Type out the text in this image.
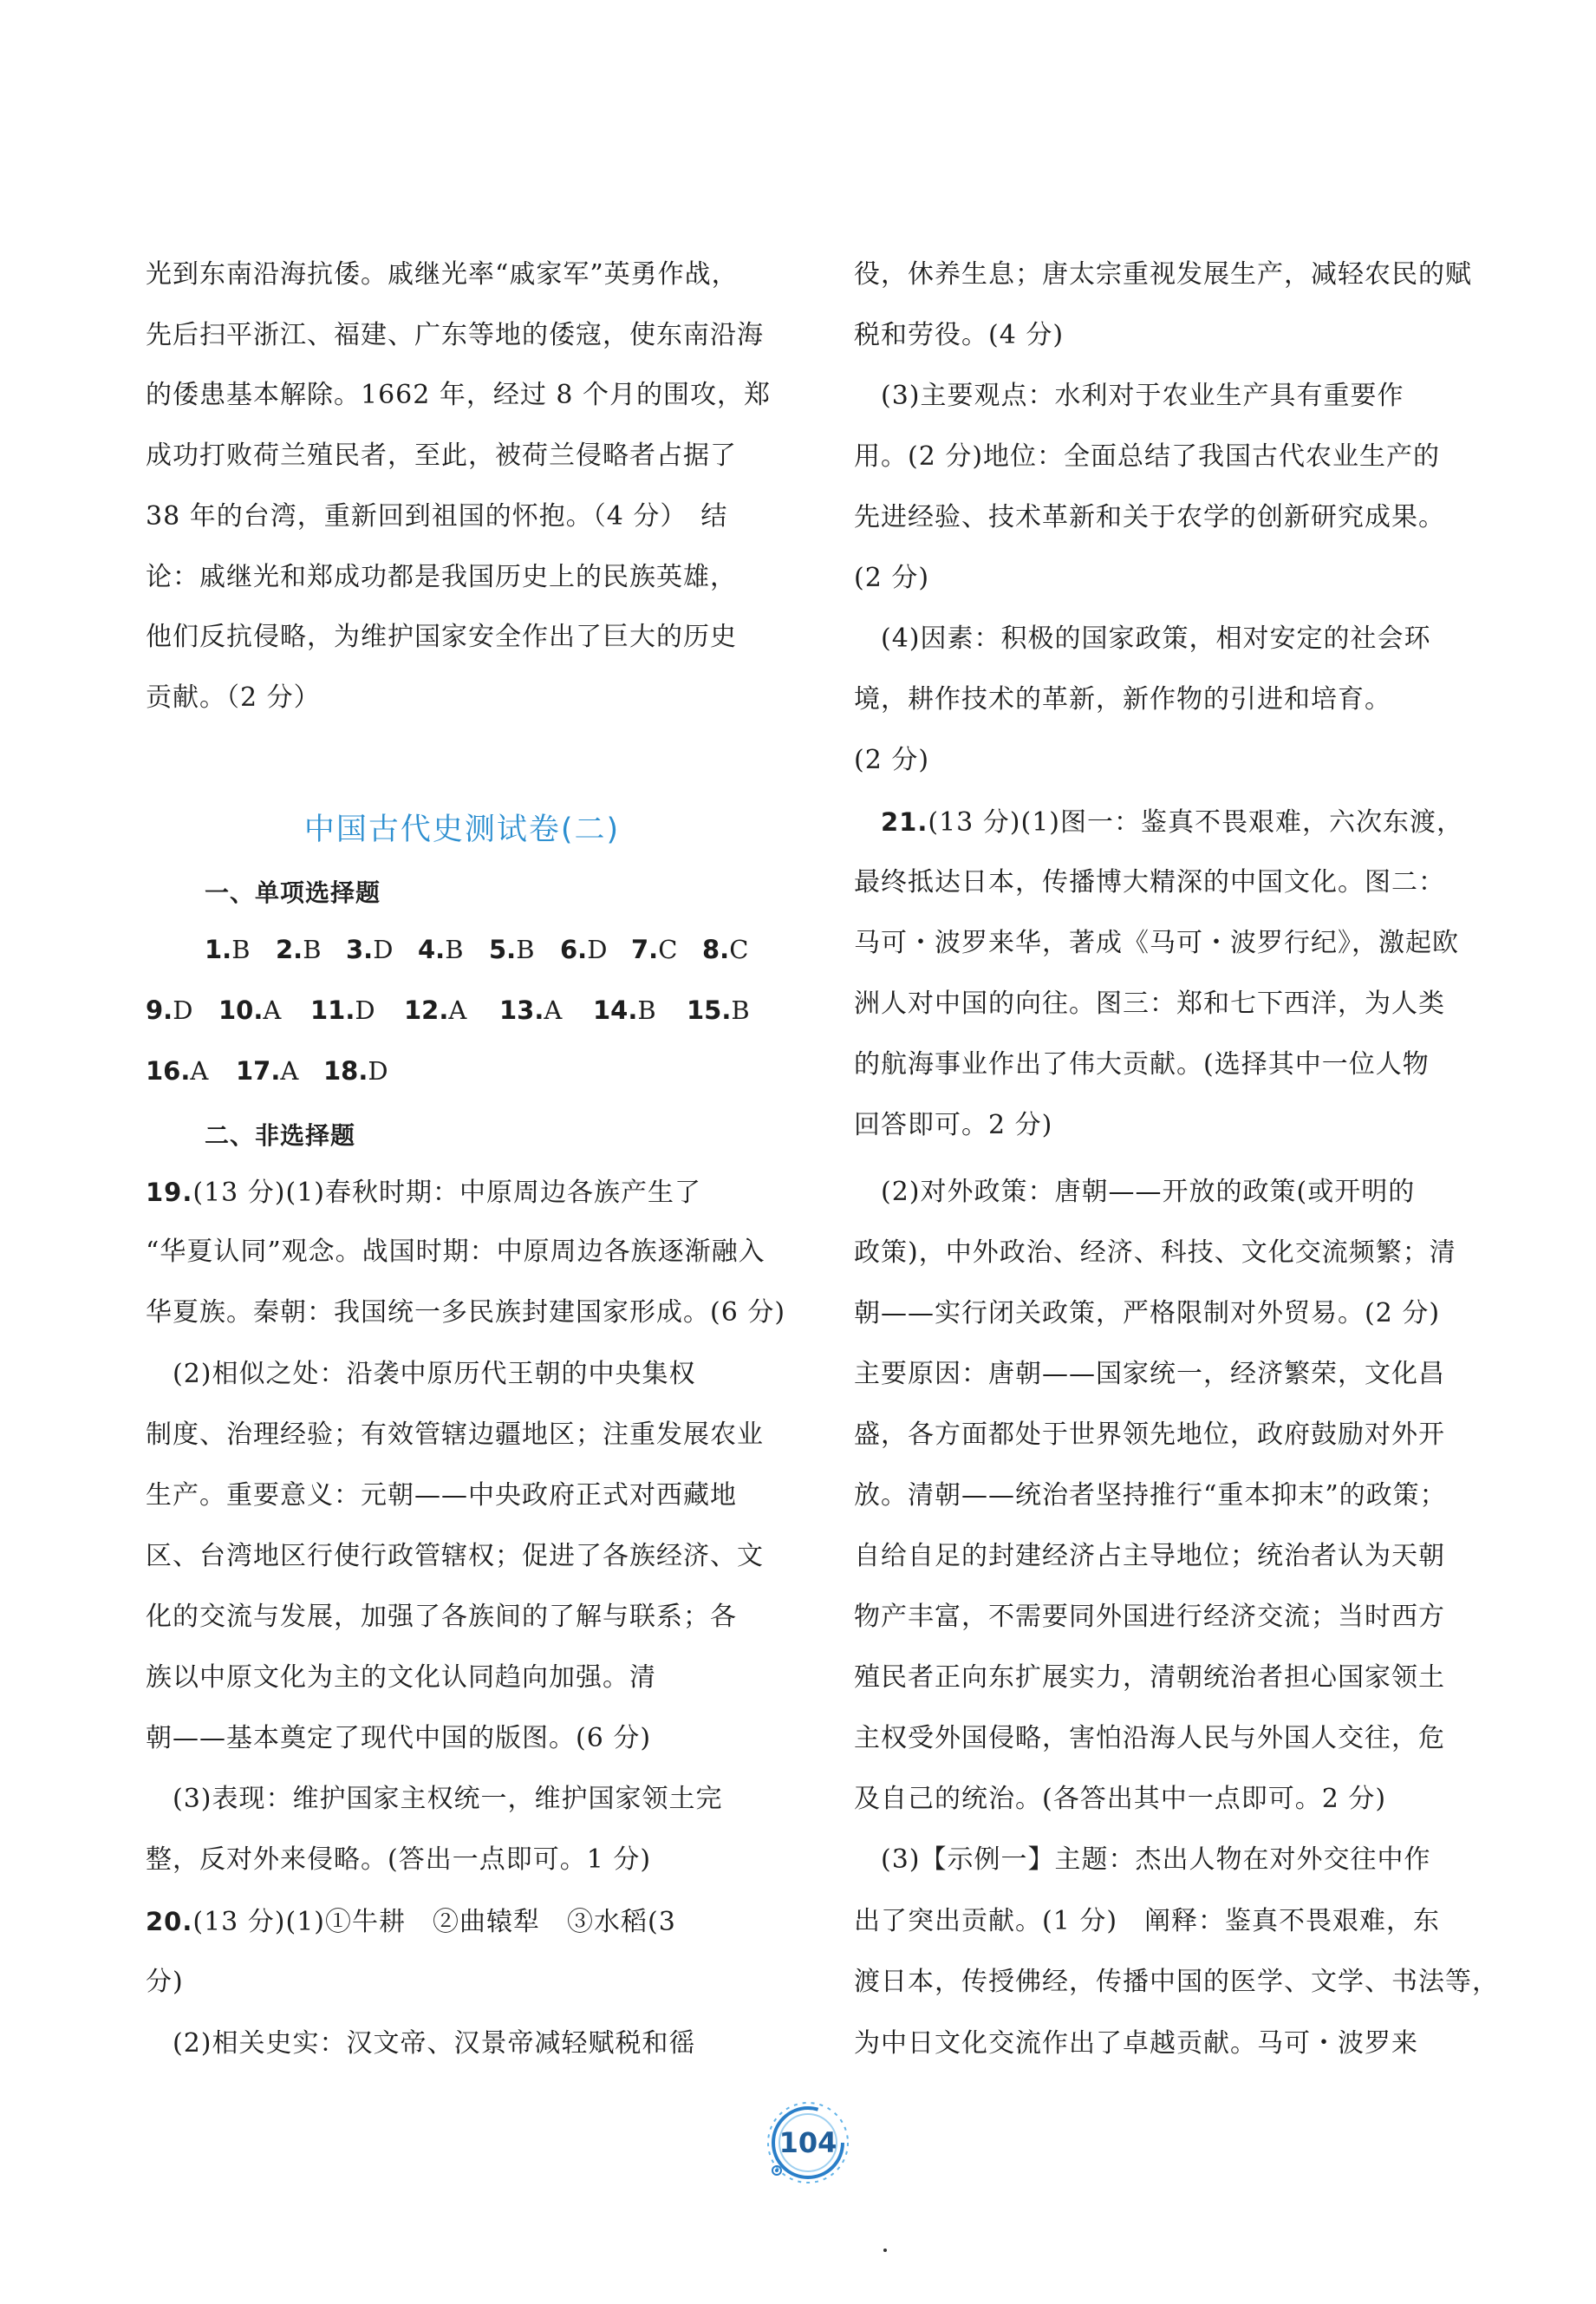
光到东南沿海抗倭。戚继光率“戚家军”英勇作战，
先后扫平浙江、福建、广东等地的倭寇，使东南沿海
的倭患基本解除。1662 年，经过 8 个月的围攻，郑
成功打败荷兰殖民者，至此，被荷兰侵略者占据了
38 年的台湾，重新回到祖国的怀抱。（4 分）　结
论：戚继光和郑成功都是我国历史上的民族英雄，
他们反抗侵略，为维护国家安全作出了巨大的历史
贡献。（2 分）
中国古代史测试卷(二)
一、单项选择题
1.B 2.B 3.D 4.B 5.B 6.D 7.C 8.C
9.D 10.A 11.D 12.A 13.A 14.B 15.B
16.A 17.A 18.D
二、非选择题
19.(13 分)(1)春秋时期：中原周边各族产生了
“华夏认同”观念。战国时期：中原周边各族逐渐融入
华夏族。秦朝：我国统一多民族封建国家形成。(6 分)
　(2)相似之处：沿袭中原历代王朝的中央集权
制度、治理经验；有效管辖边疆地区；注重发展农业
生产。重要意义：元朝——中央政府正式对西藏地
区、台湾地区行使行政管辖权；促进了各族经济、文
化的交流与发展，加强了各族间的了解与联系；各
族以中原文化为主的文化认同趋向加强。清
朝——基本奠定了现代中国的版图。(6 分)
　(3)表现：维护国家主权统一，维护国家领土完
整，反对外来侵略。(答出一点即可。1 分)
20.(13 分)(1)①牛耕　②曲辕犁　③水稻(3
分)
　(2)相关史实：汉文帝、汉景帝减轻赋税和徭
役，休养生息；唐太宗重视发展生产，减轻农民的赋
税和劳役。(4 分)
　(3)主要观点：水利对于农业生产具有重要作
用。(2 分)地位：全面总结了我国古代农业生产的
先进经验、技术革新和关于农学的创新研究成果。
(2 分)
　(4)因素：积极的国家政策，相对安定的社会环
境，耕作技术的革新，新作物的引进和培育。
(2 分)
　21.(13 分)(1)图一：鉴真不畏艰难，六次东渡，
最终抵达日本，传播博大精深的中国文化。图二：
马可・波罗来华，著成《马可・波罗行纪》，激起欧
洲人对中国的向往。图三：郑和七下西洋，为人类
的航海事业作出了伟大贡献。(选择其中一位人物
回答即可。2 分)
　(2)对外政策：唐朝——开放的政策(或开明的
政策)，中外政治、经济、科技、文化交流频繁；清
朝——实行闭关政策，严格限制对外贸易。(2 分)
主要原因：唐朝——国家统一，经济繁荣，文化昌
盛，各方面都处于世界领先地位，政府鼓励对外开
放。清朝——统治者坚持推行“重本抑末”的政策；
自给自足的封建经济占主导地位；统治者认为天朝
物产丰富，不需要同外国进行经济交流；当时西方
殖民者正向东扩展实力，清朝统治者担心国家领土
主权受外国侵略，害怕沿海人民与外国人交往，危
及自己的统治。(各答出其中一点即可。2 分)
　(3)【示例一】主题：杰出人物在对外交往中作
出了突出贡献。(1 分)　阐释：鉴真不畏艰难，东
渡日本，传授佛经，传播中国的医学、文学、书法等，
为中日文化交流作出了卓越贡献。马可・波罗来
104
